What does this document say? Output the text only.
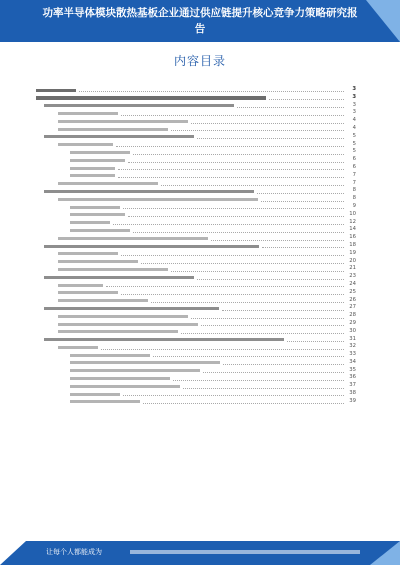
功率半导体模块散热基板企业通过供应链提升核心竞争力策略研究报告
内容目录
3
3
3
3
4
4
5
5
5
6
6
7
7
8
8
9
10
12
14
16
18
19
20
21
23
24
25
26
27
28
29
30
31
32
33
34
35
36
37
38
39
让每个人都能成为
